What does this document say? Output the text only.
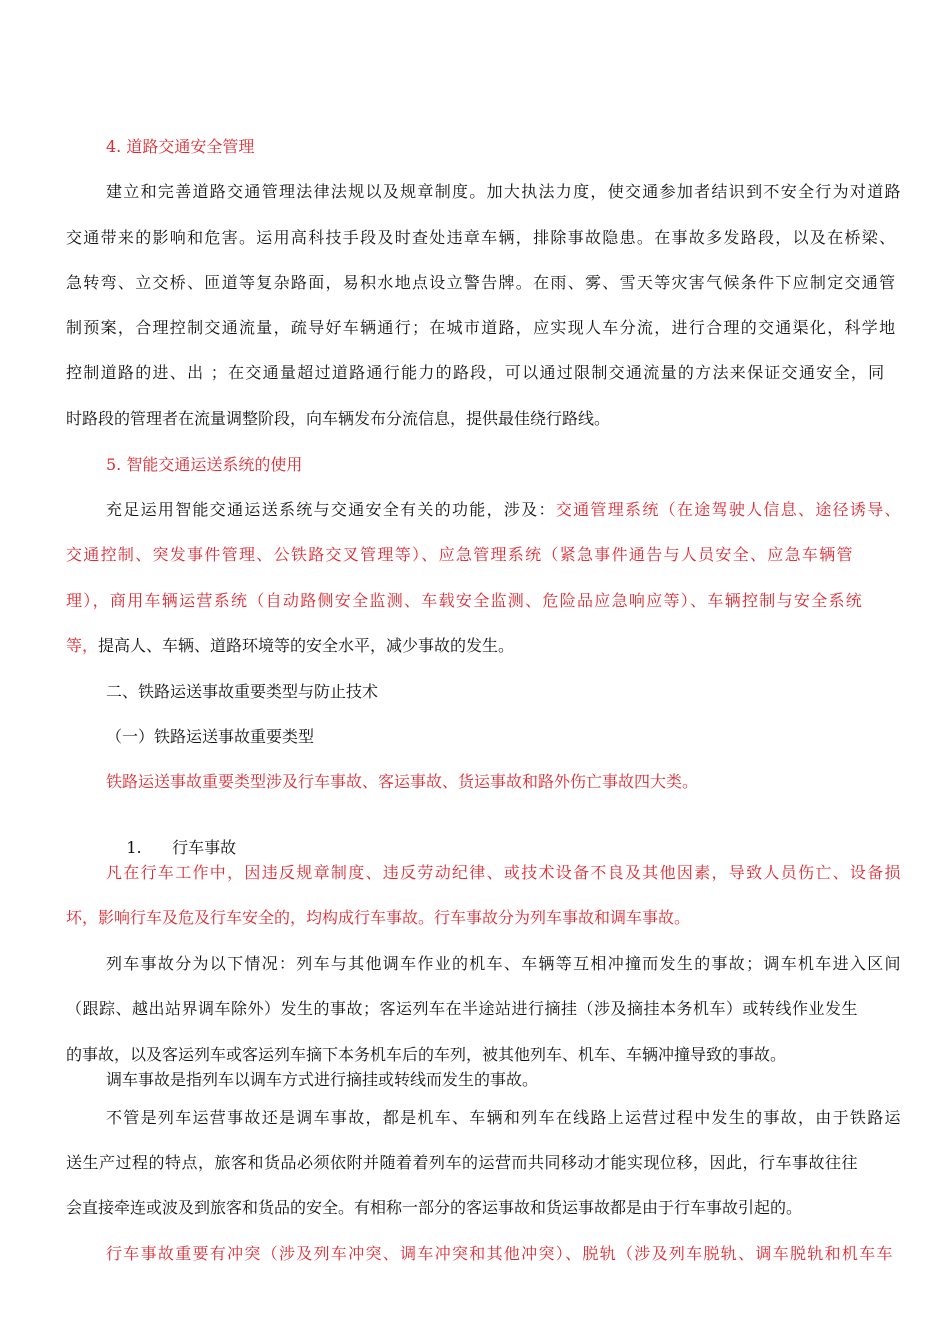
4. 道路交通安全管理
建立和完善道路交通管理法律法规以及规章制度。加大执法力度，使交通参加者结识到不安全行为对道路
交通带来的影响和危害。运用高科技手段及时查处违章车辆，排除事故隐患。在事故多发路段，以及在桥梁、
急转弯、立交桥、匝道等复杂路面，易积水地点设立警告牌。在雨、雾、雪天等灾害气候条件下应制定交通管
制预案，合理控制交通流量，疏导好车辆通行；在城市道路，应实现人车分流，进行合理的交通渠化，科学地
控制道路的进、出 ；在交通量超过道路通行能力的路段，可以通过限制交通流量的方法来保证交通安全，同
时路段的管理者在流量调整阶段，向车辆发布分流信息，提供最佳绕行路线。
5. 智能交通运送系统的使用
充足运用智能交通运送系统与交通安全有关的功能，涉及：交通管理系统（在途驾驶人信息、途径诱导、
交通控制、突发事件管理、公铁路交叉管理等）、应急管理系统（紧急事件通告与人员安全、应急车辆管
理），商用车辆运营系统（自动路侧安全监测、车载安全监测、危险品应急响应等）、车辆控制与安全系统
等，提高人、车辆、道路环境等的安全水平，减少事故的发生。
二、铁路运送事故重要类型与防止技术
（一）铁路运送事故重要类型
铁路运送事故重要类型涉及行车事故、客运事故、货运事故和路外伤亡事故四大类。

1.      行车事故

凡在行车工作中，因违反规章制度、违反劳动纪律、或技术设备不良及其他因素，导致人员伤亡、设备损
坏，影响行车及危及行车安全的，均构成行车事故。行车事故分为列车事故和调车事故。
列车事故分为以下情况：列车与其他调车作业的机车、车辆等互相冲撞而发生的事故；调车机车进入区间
（跟踪、越出站界调车除外）发生的事故；客运列车在半途站进行摘挂（涉及摘挂本务机车）或转线作业发生
的事故，以及客运列车或客运列车摘下本务机车后的车列，被其他列车、机车、车辆冲撞导致的事故。
调车事故是指列车以调车方式进行摘挂或转线而发生的事故。
不管是列车运营事故还是调车事故，都是机车、车辆和列车在线路上运营过程中发生的事故，由于铁路运
送生产过程的特点，旅客和货品必须依附并随着着列车的运营而共同移动才能实现位移，因此，行车事故往往
会直接牵连或波及到旅客和货品的安全。有相称一部分的客运事故和货运事故都是由于行车事故引起的。
行车事故重要有冲突（涉及列车冲突、调车冲突和其他冲突）、脱轨（涉及列车脱轨、调车脱轨和机车车
